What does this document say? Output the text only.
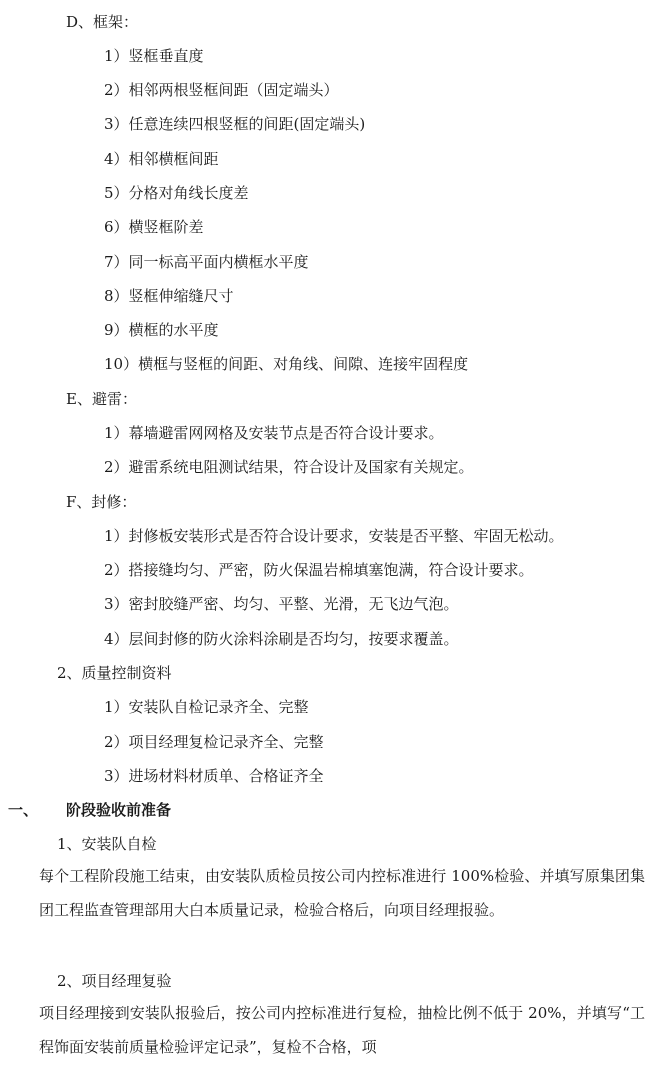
D、框架：
1）竖框垂直度
2）相邻两根竖框间距（固定端头）
3）任意连续四根竖框的间距(固定端头)
4）相邻横框间距
5）分格对角线长度差
6）横竖框阶差
7）同一标高平面内横框水平度
8）竖框伸缩缝尺寸
9）横框的水平度
10）横框与竖框的间距、对角线、间隙、连接牢固程度
E、避雷：
1）幕墙避雷网网格及安装节点是否符合设计要求。
2）避雷系统电阻测试结果，符合设计及国家有关规定。
F、封修：
1）封修板安装形式是否符合设计要求，安装是否平整、牢固无松动。
2）搭接缝均匀、严密，防火保温岩棉填塞饱满，符合设计要求。
3）密封胶缝严密、均匀、平整、光滑，无飞边气泡。
4）层间封修的防火涂料涂刷是否均匀，按要求覆盖。
2、质量控制资料
1）安装队自检记录齐全、完整
2）项目经理复检记录齐全、完整
3）进场材料材质单、合格证齐全
一、 阶段验收前准备
1、安装队自检
每个工程阶段施工结束，由安装队质检员按公司内控标准进行 100%检验、并填写原集团集团工程监查管理部用大白本质量记录，检验合格后，向项目经理报验。
2、项目经理复验
项目经理接到安装队报验后，按公司内控标准进行复检，抽检比例不低于 20%，并填写“工程饰面安装前质量检验评定记录”，复检不合格，项
